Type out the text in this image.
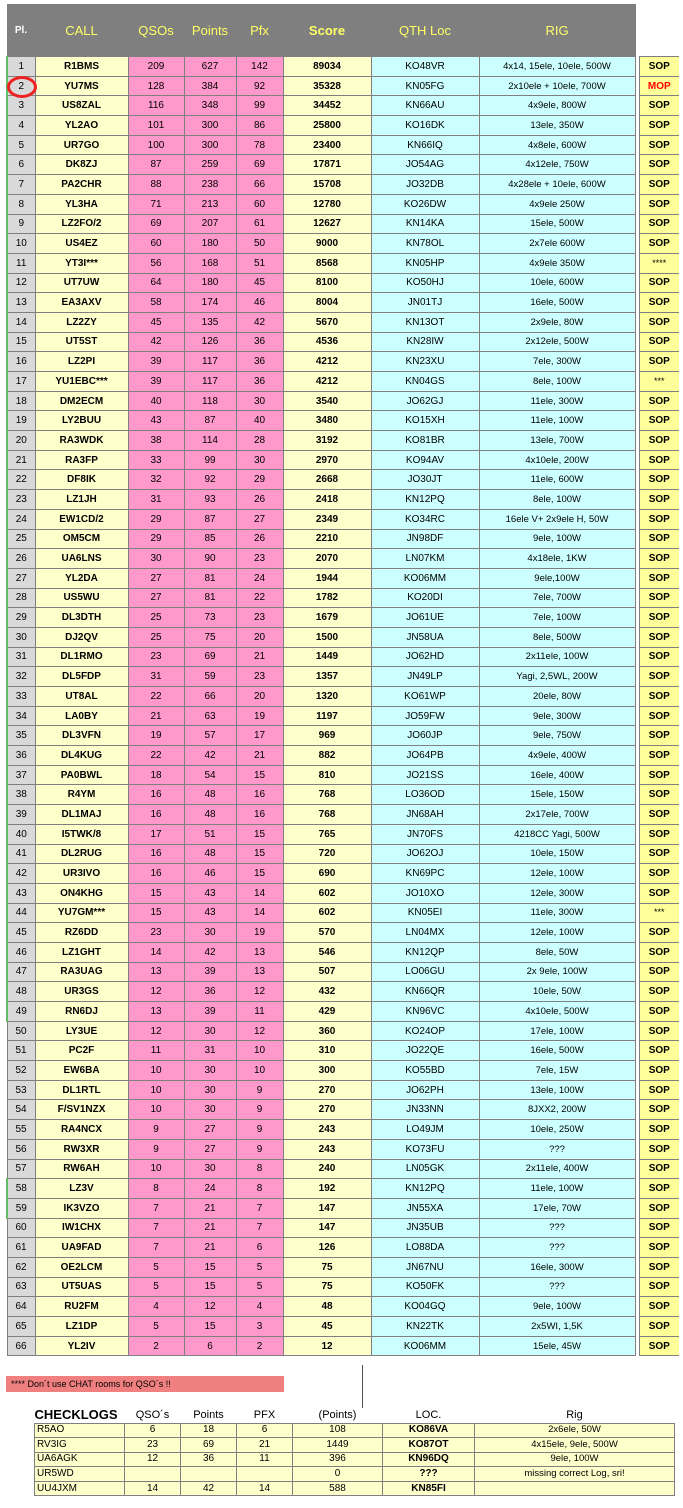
Pl.	CALL	QSOs	Points	Pfx	Score	QTH Loc	RIG		
1	R1BMS	209	627	142	89034	KO48VR	4x14, 15ele, 10ele, 500W		SOP
2	YU7MS	128	384	92	35328	KN05FG	2x10ele + 10ele, 700W		MOP
3	US8ZAL	116	348	99	34452	KN66AU	4x9ele, 800W		SOP
4	YL2AO	101	300	86	25800	KO16DK	13ele, 350W		SOP
5	UR7GO	100	300	78	23400	KN66IQ	4x8ele, 600W		SOP
6	DK8ZJ	87	259	69	17871	JO54AG	4x12ele, 750W		SOP
7	PA2CHR	88	238	66	15708	JO32DB	4x28ele + 10ele, 600W		SOP
8	YL3HA	71	213	60	12780	KO26DW	4x9ele 250W		SOP
9	LZ2FO/2	69	207	61	12627	KN14KA	15ele, 500W		SOP
10	US4EZ	60	180	50	9000	KN78OL	2x7ele 600W		SOP
11	YT3I***	56	168	51	8568	KN05HP	4x9ele 350W		****
12	UT7UW	64	180	45	8100	KO50HJ	10ele, 600W		SOP
13	EA3AXV	58	174	46	8004	JN01TJ	16ele, 500W		SOP
14	LZ2ZY	45	135	42	5670	KN13OT	2x9ele, 80W		SOP
15	UT5ST	42	126	36	4536	KN28IW	2x12ele, 500W		SOP
16	LZ2PI	39	117	36	4212	KN23XU	7ele, 300W		SOP
17	YU1EBC***	39	117	36	4212	KN04GS	8ele, 100W		***
18	DM2ECM	40	118	30	3540	JO62GJ	11ele, 300W		SOP
19	LY2BUU	43	87	40	3480	KO15XH	11ele, 100W		SOP
20	RA3WDK	38	114	28	3192	KO81BR	13ele, 700W		SOP
21	RA3FP	33	99	30	2970	KO94AV	4x10ele, 200W		SOP
22	DF8IK	32	92	29	2668	JO30JT	11ele, 600W		SOP
23	LZ1JH	31	93	26	2418	KN12PQ	8ele, 100W		SOP
24	EW1CD/2	29	87	27	2349	KO34RC	16ele V+ 2x9ele H, 50W		SOP
25	OM5CM	29	85	26	2210	JN98DF	9ele, 100W		SOP
26	UA6LNS	30	90	23	2070	LN07KM	4x18ele, 1KW		SOP
27	YL2DA	27	81	24	1944	KO06MM	9ele,100W		SOP
28	US5WU	27	81	22	1782	KO20DI	7ele, 700W		SOP
29	DL3DTH	25	73	23	1679	JO61UE	7ele, 100W		SOP
30	DJ2QV	25	75	20	1500	JN58UA	8ele, 500W		SOP
31	DL1RMO	23	69	21	1449	JO62HD	2x11ele, 100W		SOP
32	DL5FDP	31	59	23	1357	JN49LP	Yagi, 2,5WL, 200W		SOP
33	UT8AL	22	66	20	1320	KO61WP	20ele, 80W		SOP
34	LA0BY	21	63	19	1197	JO59FW	9ele, 300W		SOP
35	DL3VFN	19	57	17	969	JO60JP	9ele, 750W		SOP
36	DL4KUG	22	42	21	882	JO64PB	4x9ele, 400W		SOP
37	PA0BWL	18	54	15	810	JO21SS	16ele, 400W		SOP
38	R4YM	16	48	16	768	LO36OD	15ele, 150W		SOP
39	DL1MAJ	16	48	16	768	JN68AH	2x17ele, 700W		SOP
40	I5TWK/8	17	51	15	765	JN70FS	4218CC Yagi, 500W		SOP
41	DL2RUG	16	48	15	720	JO62OJ	10ele, 150W		SOP
42	UR3IVO	16	46	15	690	KN69PC	12ele, 100W		SOP
43	ON4KHG	15	43	14	602	JO10XO	12ele, 300W		SOP
44	YU7GM***	15	43	14	602	KN05EI	11ele, 300W		***
45	RZ6DD	23	30	19	570	LN04MX	12ele, 100W		SOP
46	LZ1GHT	14	42	13	546	KN12QP	8ele, 50W		SOP
47	RA3UAG	13	39	13	507	LO06GU	2x 9ele, 100W		SOP
48	UR3GS	12	36	12	432	KN66QR	10ele, 50W		SOP
49	RN6DJ	13	39	11	429	KN96VC	4x10ele, 500W		SOP
50	LY3UE	12	30	12	360	KO24OP	17ele, 100W		SOP
51	PC2F	11	31	10	310	JO22QE	16ele, 500W		SOP
52	EW6BA	10	30	10	300	KO55BD	7ele, 15W		SOP
53	DL1RTL	10	30	9	270	JO62PH	13ele, 100W		SOP
54	F/SV1NZX	10	30	9	270	JN33NN	8JXX2, 200W		SOP
55	RA4NCX	9	27	9	243	LO49JM	10ele, 250W		SOP
56	RW3XR	9	27	9	243	KO73FU	???		SOP
57	RW6AH	10	30	8	240	LN05GK	2x11ele, 400W		SOP
58	LZ3V	8	24	8	192	KN12PQ	11ele, 100W		SOP
59	IK3VZO	7	21	7	147	JN55XA	17ele, 70W		SOP
60	IW1CHX	7	21	7	147	JN35UB	???		SOP
61	UA9FAD	7	21	6	126	LO88DA	???		SOP
62	OE2LCM	5	15	5	75	JN67NU	16ele, 300W		SOP
63	UT5UAS	5	15	5	75	KO50FK	???		SOP
64	RU2FM	4	12	4	48	KO04GQ	9ele, 100W		SOP
65	LZ1DP	5	15	3	45	KN22TK	2x5WI, 1,5K		SOP
66	YL2IV	2	6	2	12	KO06MM	15ele, 45W		SOP
**** Don´t use CHAT rooms for QSO´s !!
CHECKLOGS	QSO´s	Points	PFX	(Points)	LOC.	Rig
R5AO	6	18	6	108	KO86VA	2x6ele, 50W
RV3IG	23	69	21	1449	KO87OT	4x15ele, 9ele, 500W
UA6AGK	12	36	11	396	KN96DQ	9ele, 100W
UR5WD				0	???	missing correct Log, sri!
UU4JXM	14	42	14	588	KN85FI	
